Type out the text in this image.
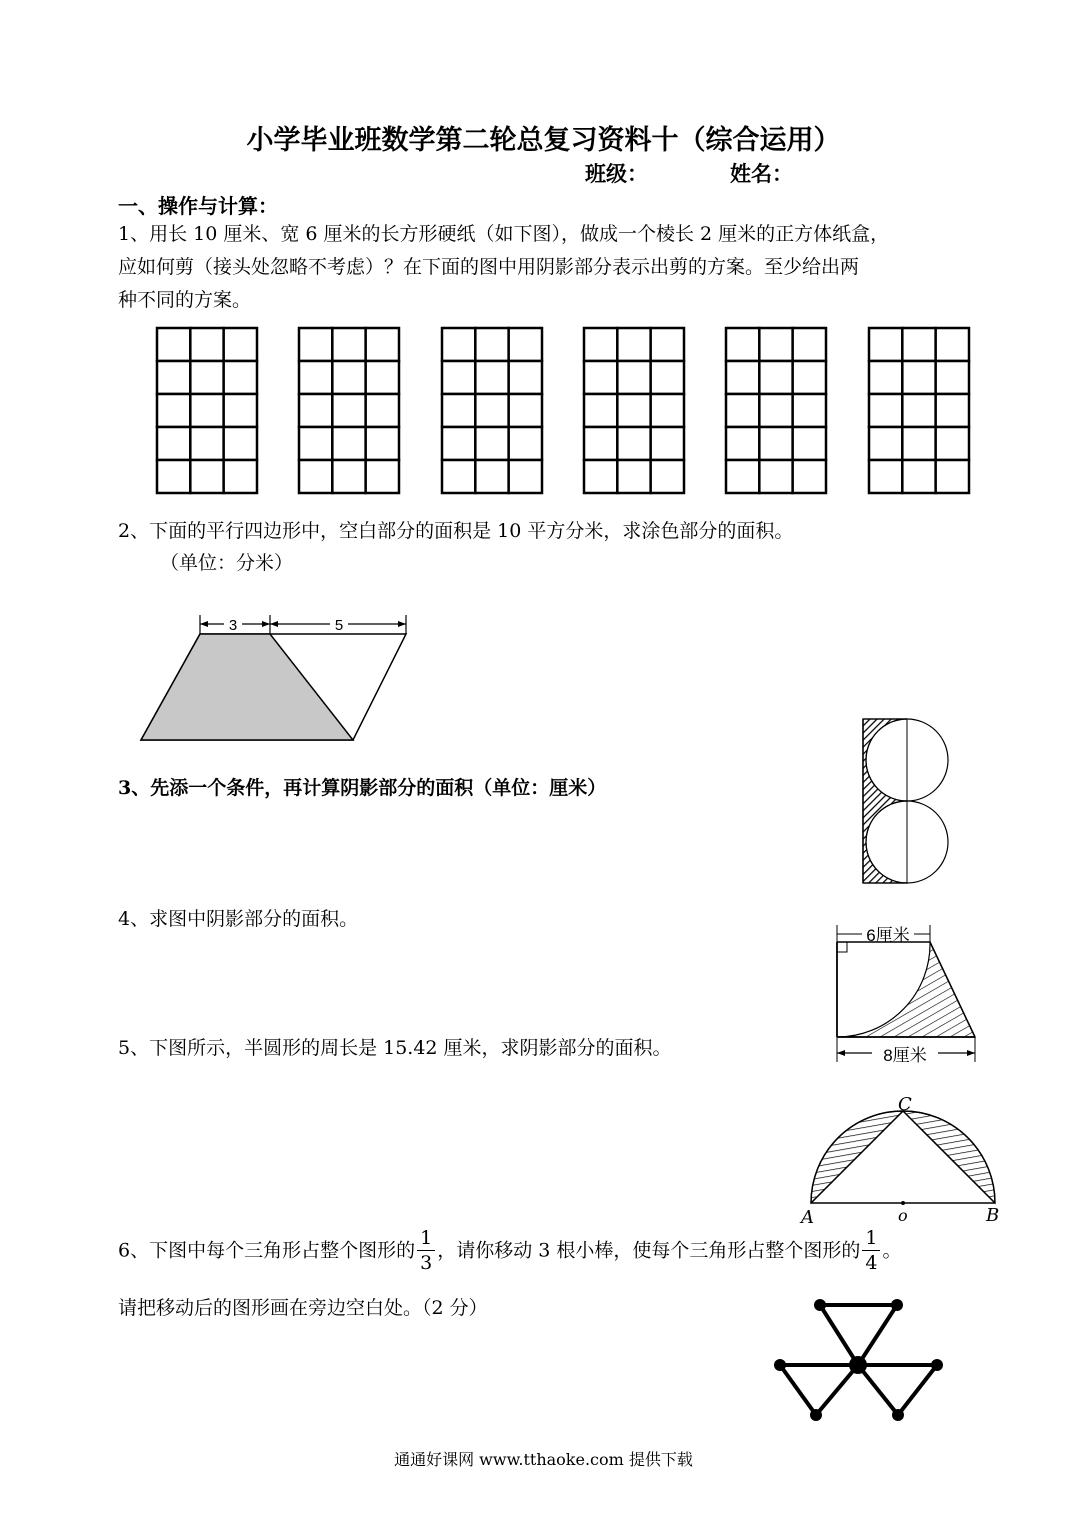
小学毕业班数学第二轮总复习资料十（综合运用）
班级：	姓名：
一、操作与计算：
1、用长 10 厘米、宽 6 厘米的长方形硬纸（如下图），做成一个棱长 2 厘米的正方体纸盒，
应如何剪（接头处忽略不考虑）？在下面的图中用阴影部分表示出剪的方案。至少给出两
种不同的方案。
2、下面的平行四边形中，空白部分的面积是 10 平方分米，求涂色部分的面积。
（单位：分米）
3	5
3、先添一个条件，再计算阴影部分的面积（单位：厘米）
4、求图中阴影部分的面积。
6厘米
8厘米
5、下图所示，半圆形的周长是 15.42 厘米，求阴影部分的面积。
A	o	B
C
6、下图中每个三角形占整个图形的 $\frac{1}{3}$ ，请你移动 3 根小棒，使每个三角形占整个图形的 $\frac{1}{4}$ 。
请把移动后的图形画在旁边空白处。（2 分）
通通好课网 www.tthaoke.com 提供下载
